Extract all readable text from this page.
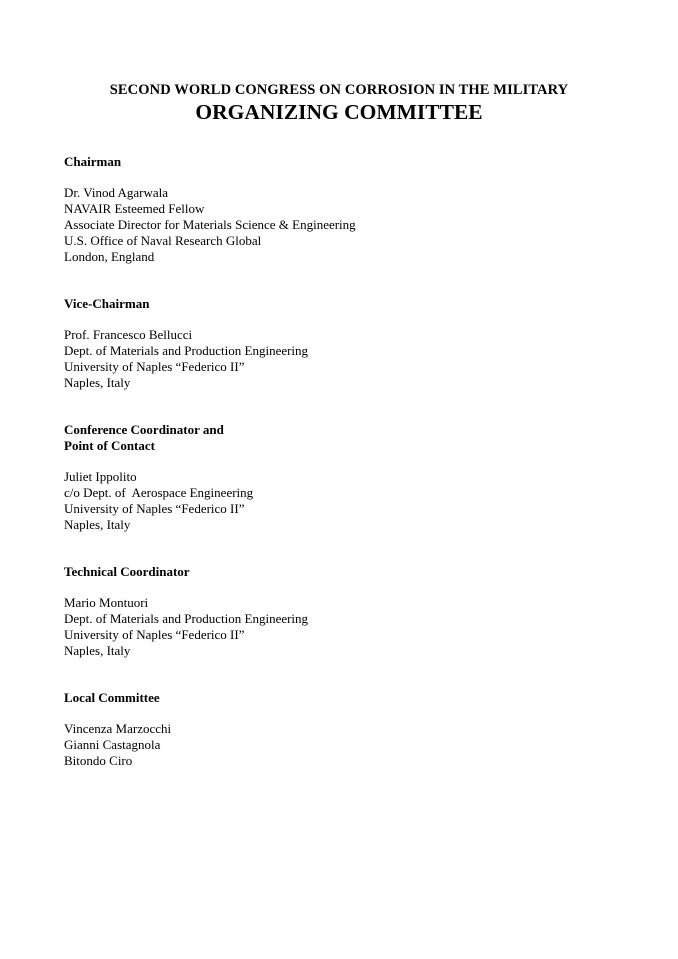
SECOND WORLD CONGRESS ON CORROSION IN THE MILITARY
ORGANIZING COMMITTEE
Chairman
Dr. Vinod Agarwala
NAVAIR Esteemed Fellow
Associate Director for Materials Science & Engineering
U.S. Office of Naval Research Global
London, England
Vice-Chairman
Prof. Francesco Bellucci
Dept. of Materials and Production Engineering
University of Naples “Federico II”
Naples, Italy
Conference Coordinator and
Point of Contact
Juliet Ippolito
c/o Dept. of  Aerospace Engineering
University of Naples “Federico II”
Naples, Italy
Technical Coordinator
Mario Montuori
Dept. of Materials and Production Engineering
University of Naples “Federico II”
Naples, Italy
Local Committee
Vincenza Marzocchi
Gianni Castagnola
Bitondo Ciro
